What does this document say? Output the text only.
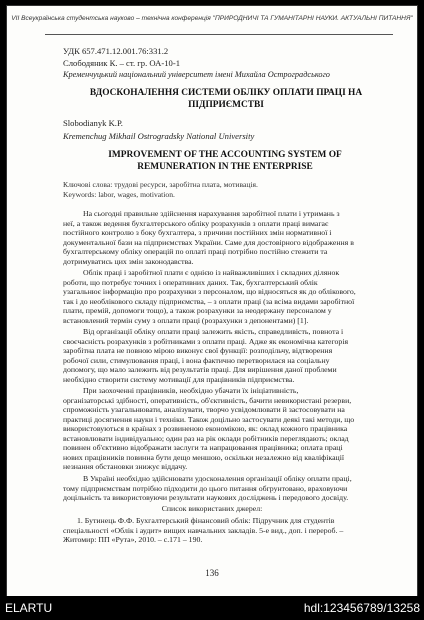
VII Всеукраїнська студентська науково – технічна конференція "ПРИРОДНИЧІ ТА ГУМАНІТАРНІ НАУКИ. АКТУАЛЬНІ ПИТАННЯ"
УДК 657.471.12.001.76:331.2
Слободяник К. – ст. гр. ОА-10-1
Кременчуцький національний університет імені Михайла Остроградського
ВДОСКОНАЛЕННЯ СИСТЕМИ ОБЛІКУ ОПЛАТИ ПРАЦІ НА ПІДПРИЄМСТВІ
Slobodianyk K.P.
Kremenchug Mikhail Ostrogradsky National University
IMPROVEMENT OF THE ACCOUNTING SYSTEM OF REMUNERATION IN THE ENTERPRISE
Ключові слова: трудові ресурси, заробітна плата, мотивація.
Keywords: labor, wages, motivation.
На сьогодні правильне здійснення нарахування заробітної плати і утримань з
неї, а також ведення бухгалтерського обліку розрахунків з оплати праці вимагає
постійного контролю з боку бухгалтера, з причини постійних змін нормативної і
документальної бази на підприємствах України. Саме для достовірного відображення в
бухгалтерському обліку операцій по оплаті праці потрібно постійно стежити та
дотримуватись цих змін законодавства.
Облік праці і заробітної плати є однією із найважливіших і складних ділянок
роботи, що потребує точних і оперативних даних. Так, бухгалтерський облік
узагальнює інформацію про розрахунки з персоналом, що відносяться як до облікового,
так і до необлікового складу підприємства, – з оплати праці (за всіма видами заробітної
плати, премій, допомоги тощо), а також розрахунки за неодержану персоналом у
встановлений термін суму з оплати праці (розрахунки з депонентами) [1].
Від організації обліку оплати праці залежить якість, справедливість, повнота і
своєчасність розрахунків з робітниками з оплати праці. Адже як економічна категорія
заробітна плата не повною мірою виконує свої функції: розподільчу, відтворення
робочої сили, стимулювання праці, і вона фактично перетворилася на соціальну
допомогу, що мало залежить від результатів праці. Для вирішення даної проблеми
необхідно створити систему мотивації для працівників підприємства.
При заохоченні працівників, необхідно убачати їх ініціативність,
організаторські здібності, оперативність, об'єктивність, бачити невикористані резерви,
спроможність узагальнювати, аналізувати, творчо усвідомлювати й застосовувати на
практиці досягнення науки і техніки. Також доцільно застосувати деякі такі методи, що
використовуються в країнах з розвиненою економікою, як: оклад кожного працівника
встановлювати індивідуально; один раз на рік оклади робітників переглядають; оклад
повинен об'єктивно відображати заслуги та напрацювання працівника; оплата праці
нових працівників повинна бути дещо меншою, оскільки незалежно від кваліфікації
незнання обстановки знижує віддачу.
В Україні необхідно здійснювати удосконалення організації обліку оплати праці,
тому підприємствам потрібно підходити до цього питання обгрунтовано, враховуючи
доцільність та використовуючи результати наукових досліджень і передового досвіду.
Список використаних джерел:
1. Бутинець Ф.Ф. Бухгалтерський фінансовий облік: Підручник для студентів
спеціальності «Облік і аудит» вищих навчальних закладів. 5-е вид., доп. і перероб. –
Житомир: ПП «Рута», 2010. – с.171 – 190.
136
ELARTU	hdl:123456789/13258
